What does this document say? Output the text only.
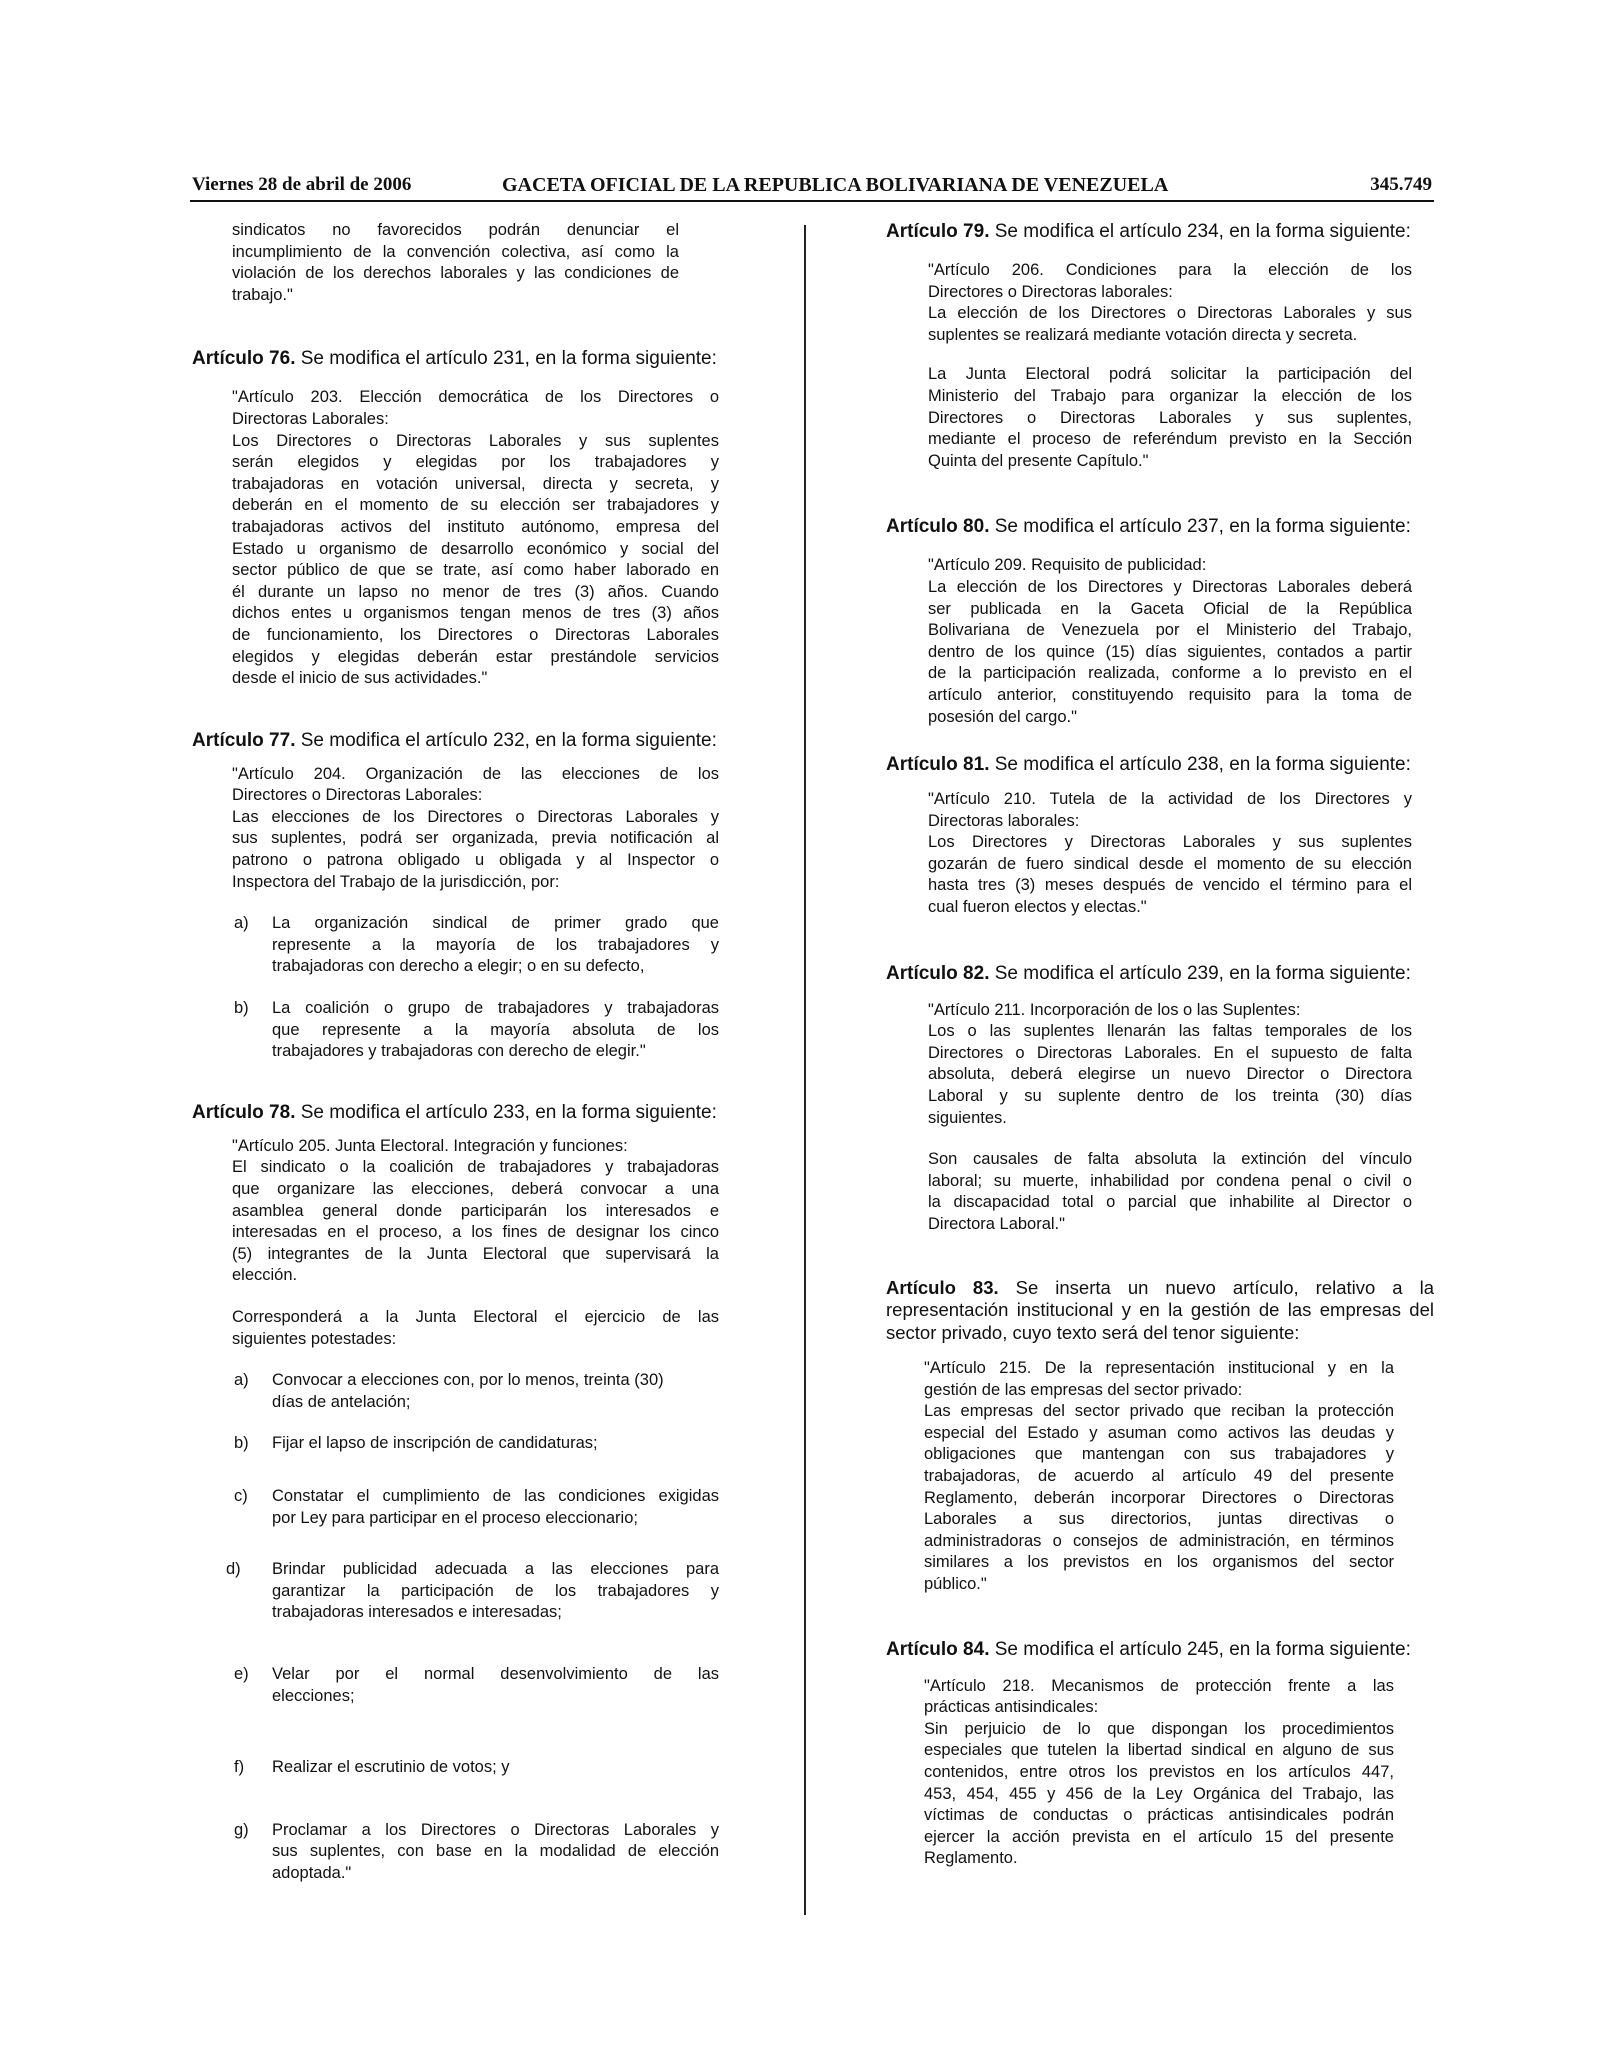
Viernes 28 de abril de 2006	GACETA OFICIAL DE LA REPUBLICA BOLIVARIANA DE VENEZUELA	345.749
sindicatos no favorecidos podrán denunciar el
incumplimiento de la convención colectiva, así como la
violación de los derechos laborales y las condiciones de
trabajo."

Artículo 76. Se modifica el artículo 231, en la forma siguiente:

"Artículo 203. Elección democrática de los Directores o
Directoras Laborales:
Los Directores o Directoras Laborales y sus suplentes
serán elegidos y elegidas por los trabajadores y
trabajadoras en votación universal, directa y secreta, y
deberán en el momento de su elección ser trabajadores y
trabajadoras activos del instituto autónomo, empresa del
Estado u organismo de desarrollo económico y social del
sector público de que se trate, así como haber laborado en
él durante un lapso no menor de tres (3) años. Cuando
dichos entes u organismos tengan menos de tres (3) años
de funcionamiento, los Directores o Directoras Laborales
elegidos y elegidas deberán estar prestándole servicios
desde el inicio de sus actividades."

Artículo 77. Se modifica el artículo 232, en la forma siguiente:

"Artículo 204. Organización de las elecciones de los
Directores o Directoras Laborales:
Las elecciones de los Directores o Directoras Laborales y
sus suplentes, podrá ser organizada, previa notificación al
patrono o patrona obligado u obligada y al Inspector o
Inspectora del Trabajo de la jurisdicción, por:
a) La organización sindical de primer grado que
represente a la mayoría de los trabajadores y
trabajadoras con derecho a elegir; o en su defecto,
b) La coalición o grupo de trabajadores y trabajadoras
que represente a la mayoría absoluta de los
trabajadores y trabajadoras con derecho de elegir."

Artículo 78. Se modifica el artículo 233, en la forma siguiente:

"Artículo 205. Junta Electoral. Integración y funciones:
El sindicato o la coalición de trabajadores y trabajadoras
que organizare las elecciones, deberá convocar a una
asamblea general donde participarán los interesados e
interesadas en el proceso, a los fines de designar los cinco
(5) integrantes de la Junta Electoral que supervisará la
elección.
Corresponderá a la Junta Electoral el ejercicio de las
siguientes potestades:
a) Convocar a elecciones con, por lo menos, treinta (30)
días de antelación;
b) Fijar el lapso de inscripción de candidaturas;
c) Constatar el cumplimiento de las condiciones exigidas
por Ley para participar en el proceso eleccionario;
d) Brindar publicidad adecuada a las elecciones para
garantizar la participación de los trabajadores y
trabajadoras interesados e interesadas;
e) Velar por el normal desenvolvimiento de las
elecciones;
f) Realizar el escrutinio de votos; y
g) Proclamar a los Directores o Directoras Laborales y
sus suplentes, con base en la modalidad de elección
adoptada."

Artículo 79. Se modifica el artículo 234, en la forma siguiente:

"Artículo 206. Condiciones para la elección de los
Directores o Directoras laborales:
La elección de los Directores o Directoras Laborales y sus
suplentes se realizará mediante votación directa y secreta.
La Junta Electoral podrá solicitar la participación del
Ministerio del Trabajo para organizar la elección de los
Directores o Directoras Laborales y sus suplentes,
mediante el proceso de referéndum previsto en la Sección
Quinta del presente Capítulo."

Artículo 80. Se modifica el artículo 237, en la forma siguiente:

"Artículo 209. Requisito de publicidad:
La elección de los Directores y Directoras Laborales deberá
ser publicada en la Gaceta Oficial de la República
Bolivariana de Venezuela por el Ministerio del Trabajo,
dentro de los quince (15) días siguientes, contados a partir
de la participación realizada, conforme a lo previsto en el
artículo anterior, constituyendo requisito para la toma de
posesión del cargo."

Artículo 81. Se modifica el artículo 238, en la forma siguiente:

"Artículo 210. Tutela de la actividad de los Directores y
Directoras laborales:
Los Directores y Directoras Laborales y sus suplentes
gozarán de fuero sindical desde el momento de su elección
hasta tres (3) meses después de vencido el término para el
cual fueron electos y electas."

Artículo 82. Se modifica el artículo 239, en la forma siguiente:

"Artículo 211. Incorporación de los o las Suplentes:
Los o las suplentes llenarán las faltas temporales de los
Directores o Directoras Laborales. En el supuesto de falta
absoluta, deberá elegirse un nuevo Director o Directora
Laboral y su suplente dentro de los treinta (30) días
siguientes.
Son causales de falta absoluta la extinción del vínculo
laboral; su muerte, inhabilidad por condena penal o civil o
la discapacidad total o parcial que inhabilite al Director o
Directora Laboral."
Artículo 83. Se inserta un nuevo artículo, relativo a la
representación institucional y en la gestión de las empresas del
sector privado, cuyo texto será del tenor siguiente:
"Artículo 215. De la representación institucional y en la
gestión de las empresas del sector privado:
Las empresas del sector privado que reciban la protección
especial del Estado y asuman como activos las deudas y
obligaciones que mantengan con sus trabajadores y
trabajadoras, de acuerdo al artículo 49 del presente
Reglamento, deberán incorporar Directores o Directoras
Laborales a sus directorios, juntas directivas o
administradoras o consejos de administración, en términos
similares a los previstos en los organismos del sector
público."

Artículo 84. Se modifica el artículo 245, en la forma siguiente:

"Artículo 218. Mecanismos de protección frente a las
prácticas antisindicales:
Sin perjuicio de lo que dispongan los procedimientos
especiales que tutelen la libertad sindical en alguno de sus
contenidos, entre otros los previstos en los artículos 447,
453, 454, 455 y 456 de la Ley Orgánica del Trabajo, las
víctimas de conductas o prácticas antisindicales podrán
ejercer la acción prevista en el artículo 15 del presente
Reglamento.
